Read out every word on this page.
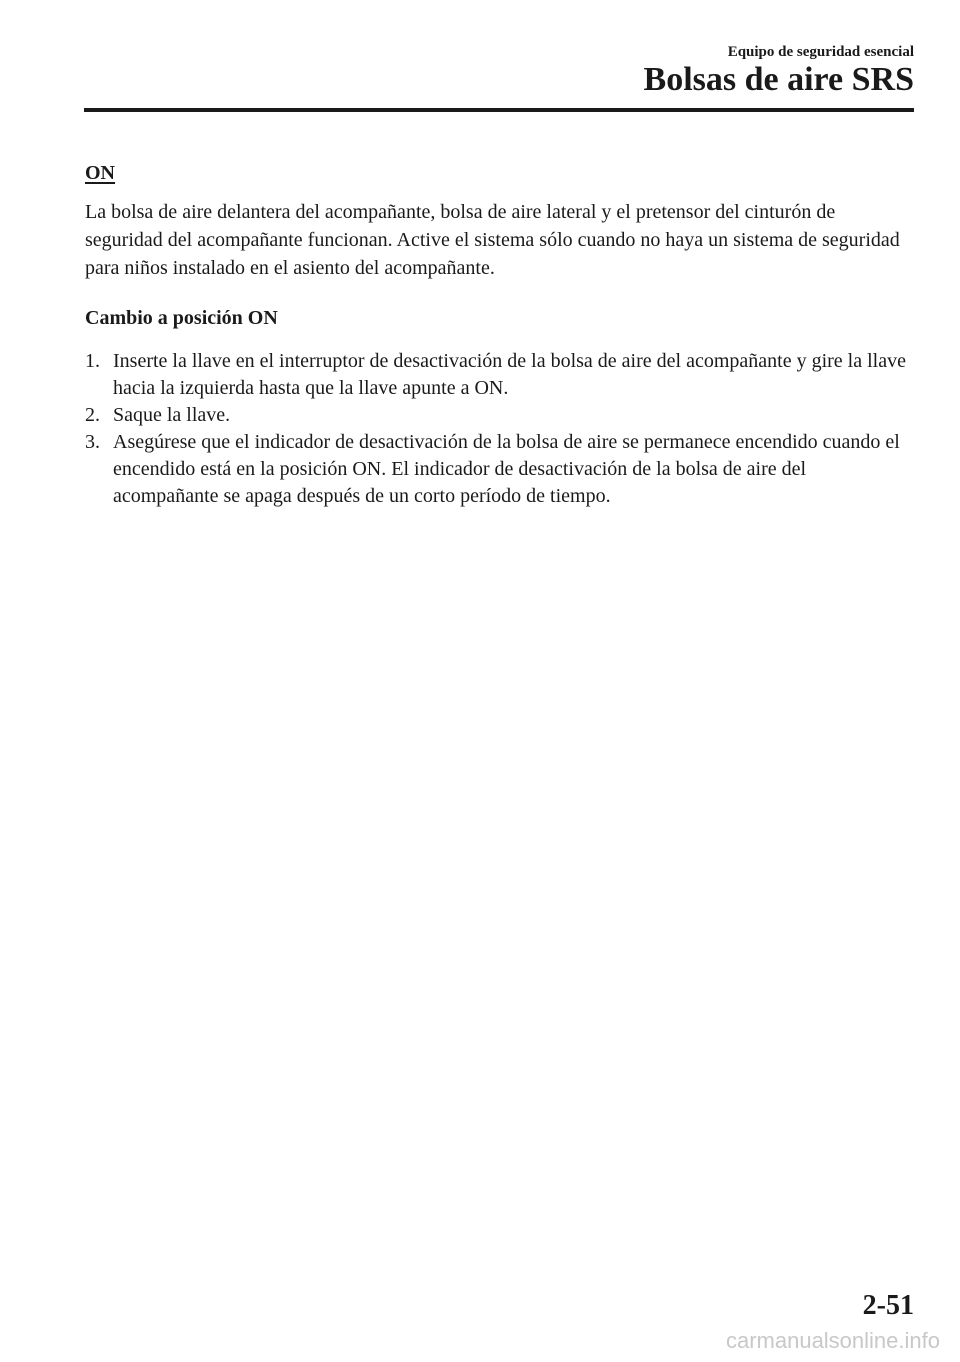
Equipo de seguridad esencial
Bolsas de aire SRS
ON

La bolsa de aire delantera del acompañante, bolsa de aire lateral y el pretensor del cinturón de seguridad del acompañante funcionan. Active el sistema sólo cuando no haya un sistema de seguridad para niños instalado en el asiento del acompañante.

Cambio a posición ON
1. Inserte la llave en el interruptor de desactivación de la bolsa de aire del acompañante y gire la llave hacia la izquierda hasta que la llave apunte a ON.
2. Saque la llave.
3. Asegúrese que el indicador de desactivación de la bolsa de aire se permanece encendido cuando el encendido está en la posición ON. El indicador de desactivación de la bolsa de aire del acompañante se apaga después de un corto período de tiempo.
2-51
carmanualsonline.info
